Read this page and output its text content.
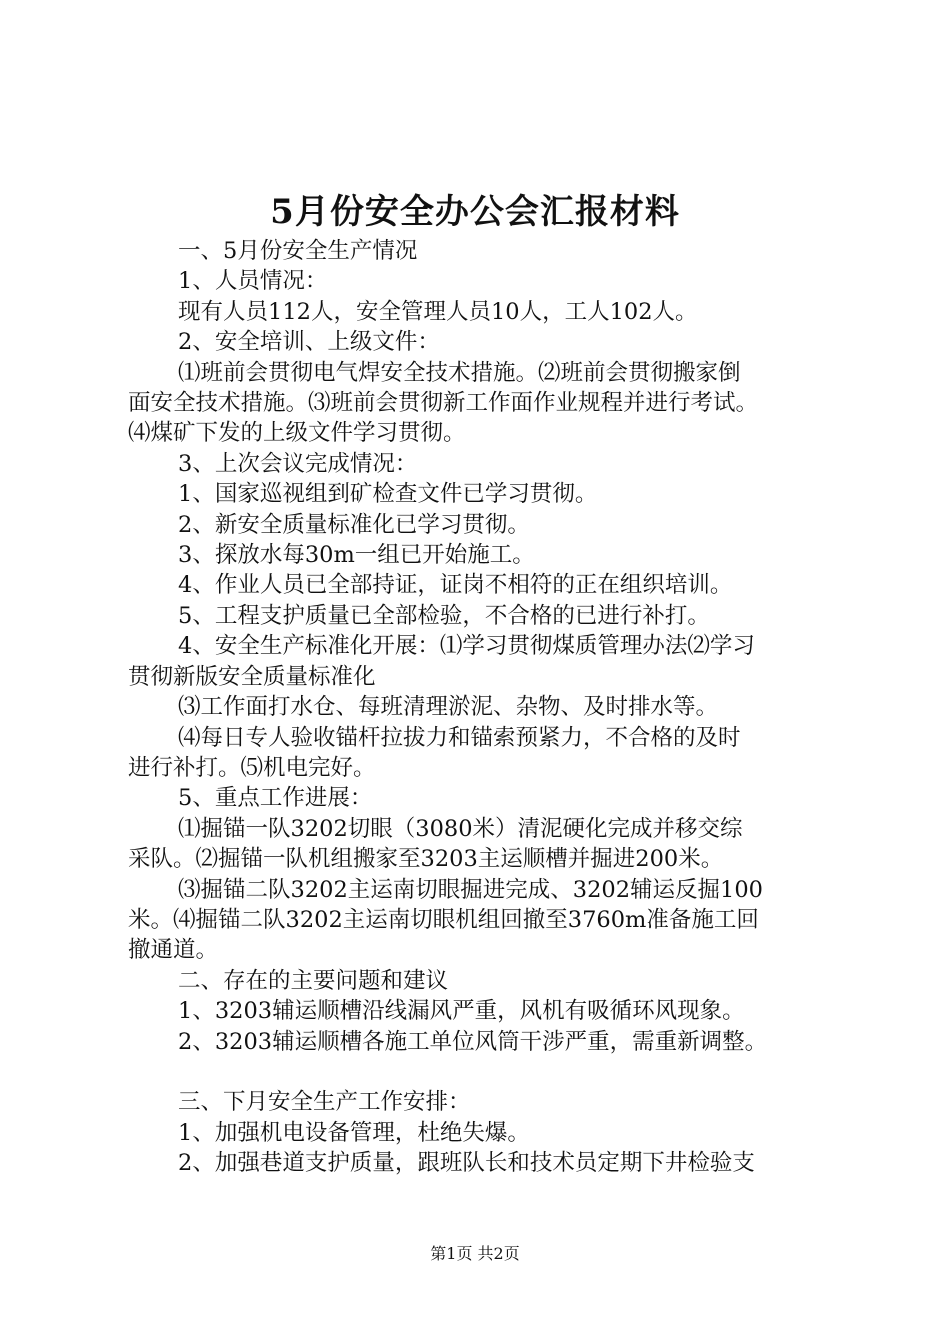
5月份安全办公会汇报材料
一、5月份安全生产情况
1、人员情况：
现有人员112人，安全管理人员10人，工人102人。
2、安全培训、上级文件：
⑴班前会贯彻电气焊安全技术措施。⑵班前会贯彻搬家倒
面安全技术措施。⑶班前会贯彻新工作面作业规程并进行考试。
⑷煤矿下发的上级文件学习贯彻。
3、上次会议完成情况：
1、国家巡视组到矿检查文件已学习贯彻。
2、新安全质量标准化已学习贯彻。
3、探放水每30m一组已开始施工。
4、作业人员已全部持证，证岗不相符的正在组织培训。
5、工程支护质量已全部检验，不合格的已进行补打。
4、安全生产标准化开展：⑴学习贯彻煤质管理办法⑵学习
贯彻新版安全质量标准化
⑶工作面打水仓、每班清理淤泥、杂物、及时排水等。
⑷每日专人验收锚杆拉拔力和锚索预紧力，不合格的及时
进行补打。⑸机电完好。
5、重点工作进展：
⑴掘锚一队3202切眼（3080米）清泥硬化完成并移交综
采队。⑵掘锚一队机组搬家至3203主运顺槽并掘进200米。
⑶掘锚二队3202主运南切眼掘进完成、3202辅运反掘100
米。⑷掘锚二队3202主运南切眼机组回撤至3760m准备施工回
撤通道。
二、存在的主要问题和建议
1、3203辅运顺槽沿线漏风严重，风机有吸循环风现象。
2、3203辅运顺槽各施工单位风筒干涉严重，需重新调整。
三、下月安全生产工作安排：
1、加强机电设备管理，杜绝失爆。
2、加强巷道支护质量，跟班队长和技术员定期下井检验支
第1页 共2页
